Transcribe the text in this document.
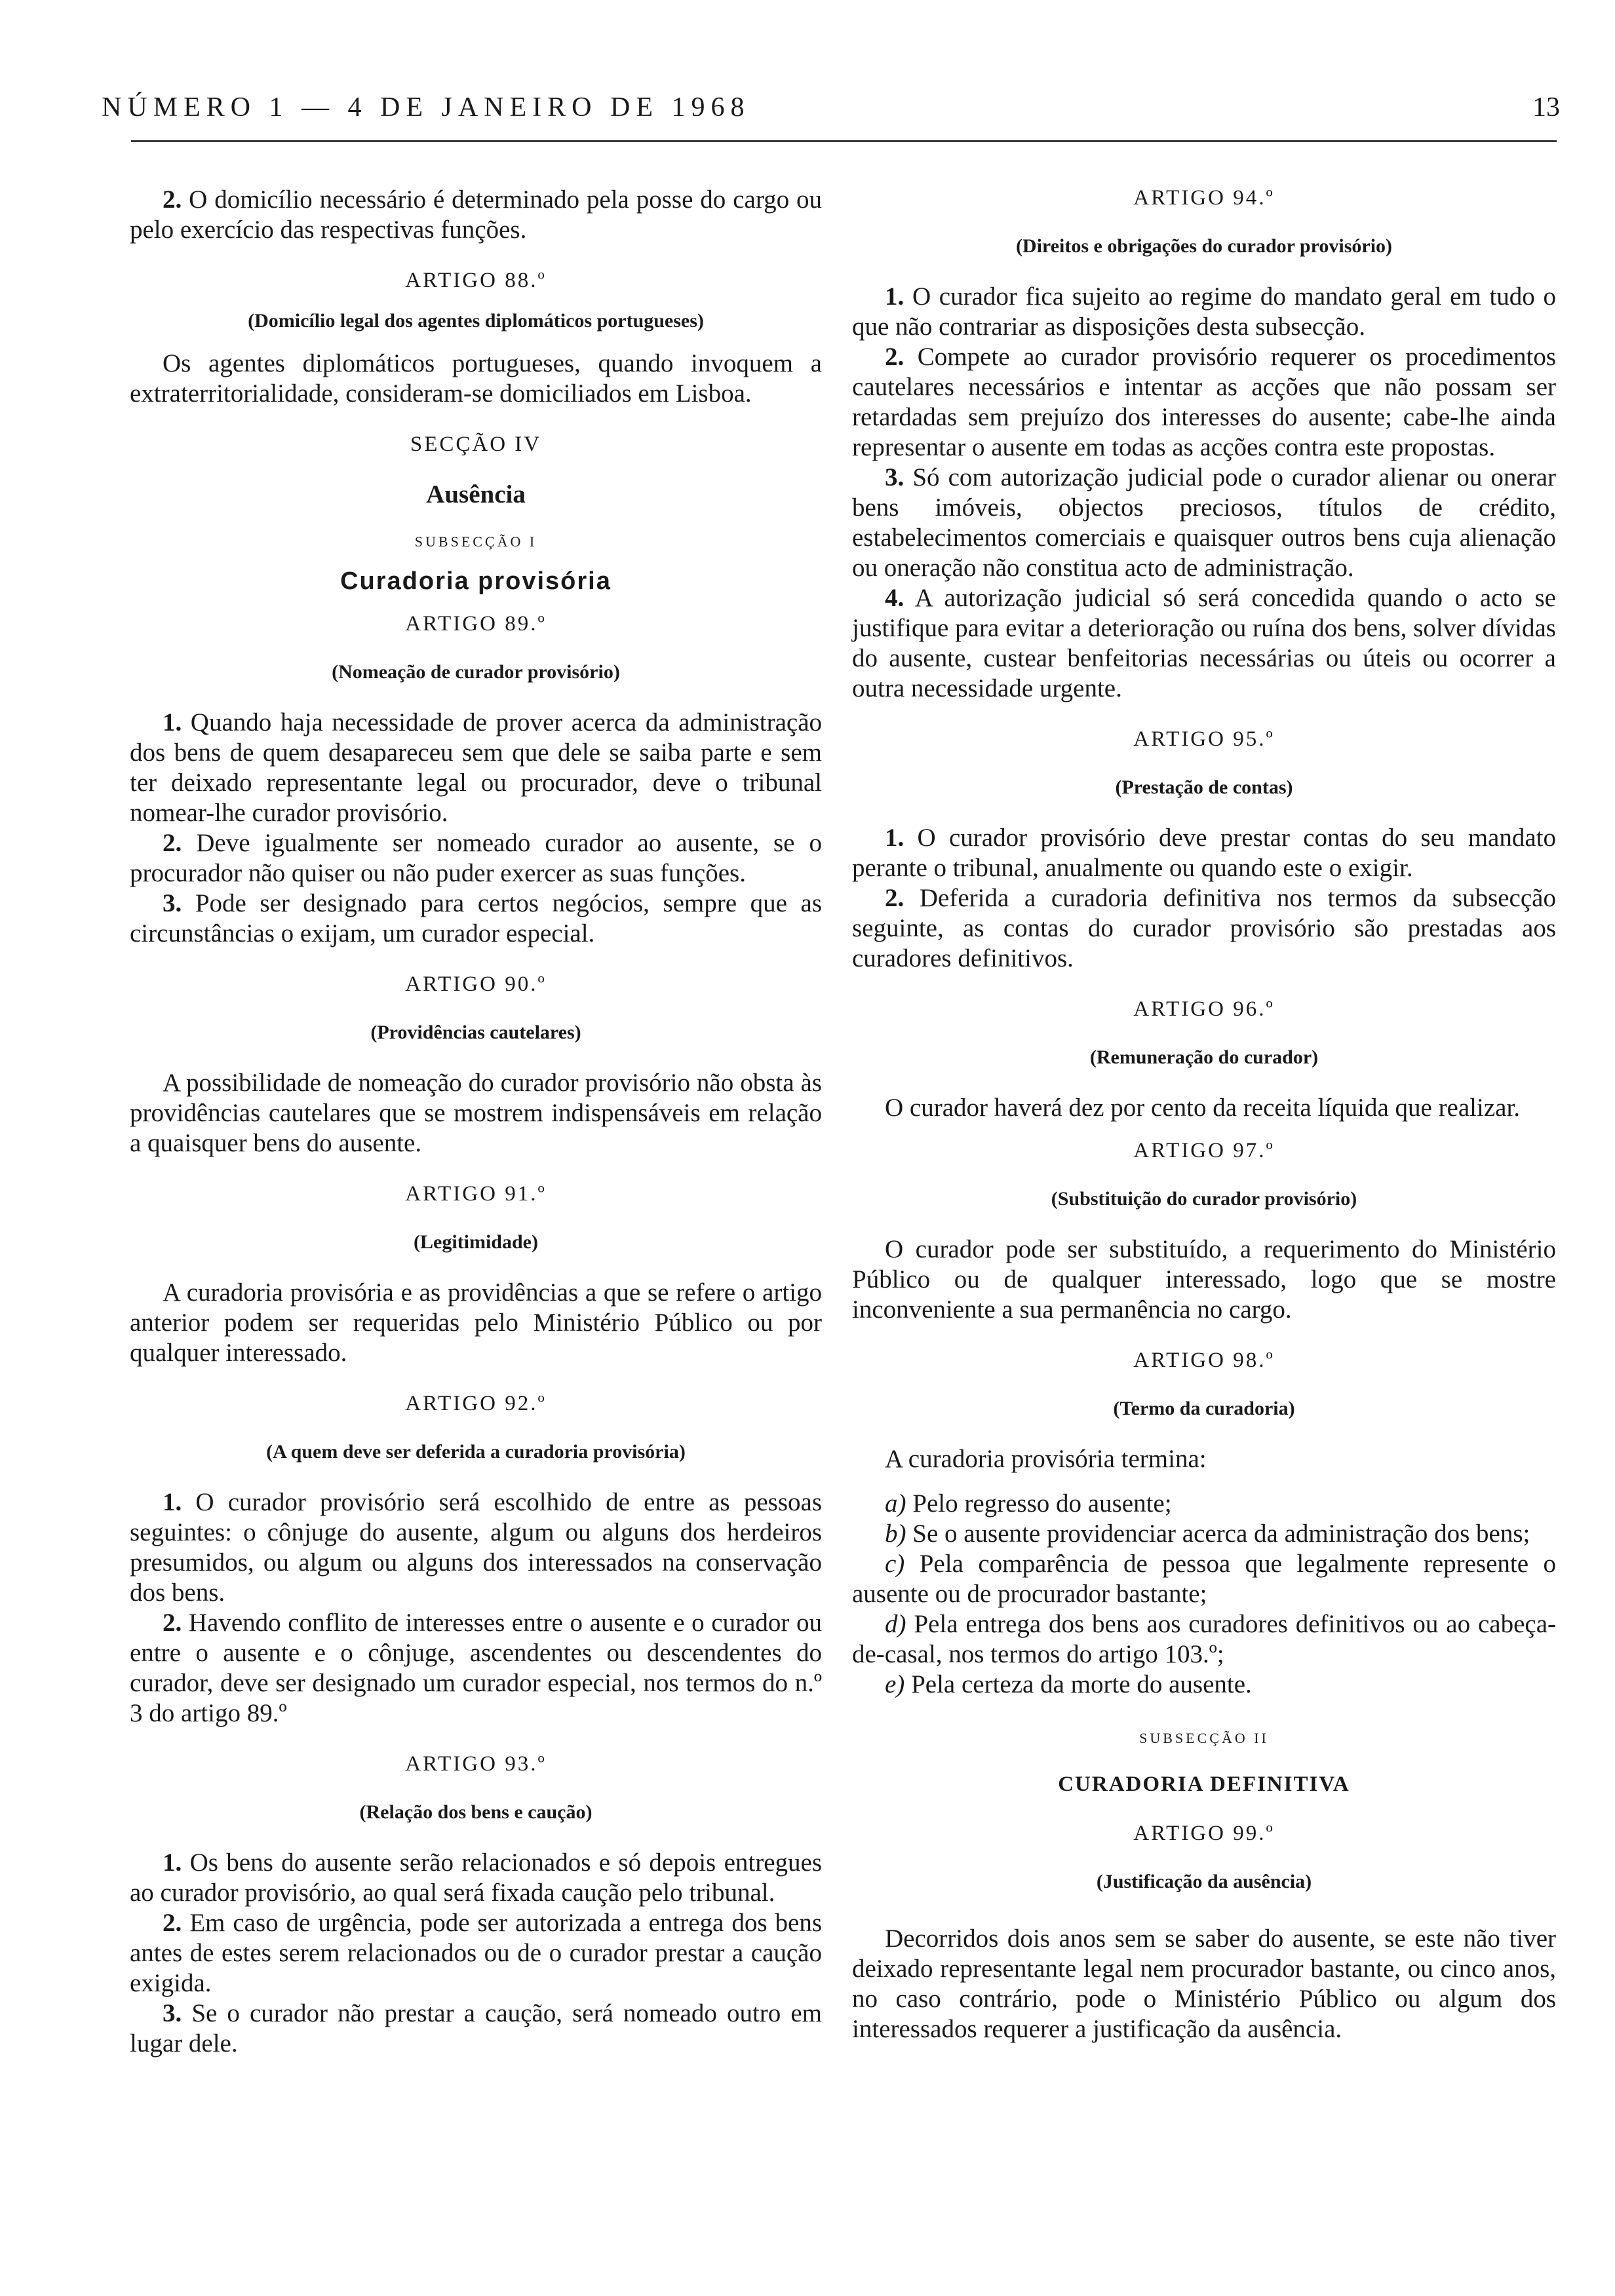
NÚMERO 1 — 4 DE JANEIRO DE 1968	13

2. O domicílio necessário é determinado pela posse do cargo ou pelo exercício das respectivas funções.

ARTIGO 88.º
(Domicílio legal dos agentes diplomáticos portugueses)

Os agentes diplomáticos portugueses, quando invoquem a extraterritorialidade, consideram-se domiciliados em Lisboa.

SECÇÃO IV
Ausência
SUBSECÇÃO I
Curadoria provisória
ARTIGO 89.º
(Nomeação de curador provisório)

1. Quando haja necessidade de prover acerca da administração dos bens de quem desapareceu sem que dele se saiba parte e sem ter deixado representante legal ou procurador, deve o tribunal nomear-lhe curador provisório.

2. Deve igualmente ser nomeado curador ao ausente, se o procurador não quiser ou não puder exercer as suas funções.

3. Pode ser designado para certos negócios, sempre que as circunstâncias o exijam, um curador especial.

ARTIGO 90.º
(Providências cautelares)

A possibilidade de nomeação do curador provisório não obsta às providências cautelares que se mostrem indispensáveis em relação a quaisquer bens do ausente.

ARTIGO 91.º
(Legitimidade)

A curadoria provisória e as providências a que se refere o artigo anterior podem ser requeridas pelo Ministério Público ou por qualquer interessado.

ARTIGO 92.º
(A quem deve ser deferida a curadoria provisória)

1. O curador provisório será escolhido de entre as pessoas seguintes: o cônjuge do ausente, algum ou alguns dos herdeiros presumidos, ou algum ou alguns dos interessados na conservação dos bens.

2. Havendo conflito de interesses entre o ausente e o curador ou entre o ausente e o cônjuge, ascendentes ou descendentes do curador, deve ser designado um curador especial, nos termos do n.º 3 do artigo 89.º

ARTIGO 93.º
(Relação dos bens e caução)

1. Os bens do ausente serão relacionados e só depois entregues ao curador provisório, ao qual será fixada caução pelo tribunal.

2. Em caso de urgência, pode ser autorizada a entrega dos bens antes de estes serem relacionados ou de o curador prestar a caução exigida.

3. Se o curador não prestar a caução, será nomeado outro em lugar dele.

ARTIGO 94.º
(Direitos e obrigações do curador provisório)

1. O curador fica sujeito ao regime do mandato geral em tudo o que não contrariar as disposições desta subsecção.

2. Compete ao curador provisório requerer os procedimentos cautelares necessários e intentar as acções que não possam ser retardadas sem prejuízo dos interesses do ausente; cabe-lhe ainda representar o ausente em todas as acções contra este propostas.

3. Só com autorização judicial pode o curador alienar ou onerar bens imóveis, objectos preciosos, títulos de crédito, estabelecimentos comerciais e quaisquer outros bens cuja alienação ou oneração não constitua acto de administração.

4. A autorização judicial só será concedida quando o acto se justifique para evitar a deterioração ou ruína dos bens, solver dívidas do ausente, custear benfeitorias necessárias ou úteis ou ocorrer a outra necessidade urgente.

ARTIGO 95.º
(Prestação de contas)

1. O curador provisório deve prestar contas do seu mandato perante o tribunal, anualmente ou quando este o exigir.

2. Deferida a curadoria definitiva nos termos da subsecção seguinte, as contas do curador provisório são prestadas aos curadores definitivos.

ARTIGO 96.º
(Remuneração do curador)

O curador haverá dez por cento da receita líquida que realizar.

ARTIGO 97.º
(Substituição do curador provisório)

O curador pode ser substituído, a requerimento do Ministério Público ou de qualquer interessado, logo que se mostre inconveniente a sua permanência no cargo.

ARTIGO 98.º
(Termo da curadoria)

A curadoria provisória termina:

a) Pelo regresso do ausente;

b) Se o ausente providenciar acerca da administração dos bens;

c) Pela comparência de pessoa que legalmente represente o ausente ou de procurador bastante;

d) Pela entrega dos bens aos curadores definitivos ou ao cabeça-de-casal, nos termos do artigo 103.º;

e) Pela certeza da morte do ausente.

SUBSECÇÃO II
CURADORIA DEFINITIVA
ARTIGO 99.º
(Justificação da ausência)

Decorridos dois anos sem se saber do ausente, se este não tiver deixado representante legal nem procurador bastante, ou cinco anos, no caso contrário, pode o Ministério Público ou algum dos interessados requerer a justificação da ausência.
